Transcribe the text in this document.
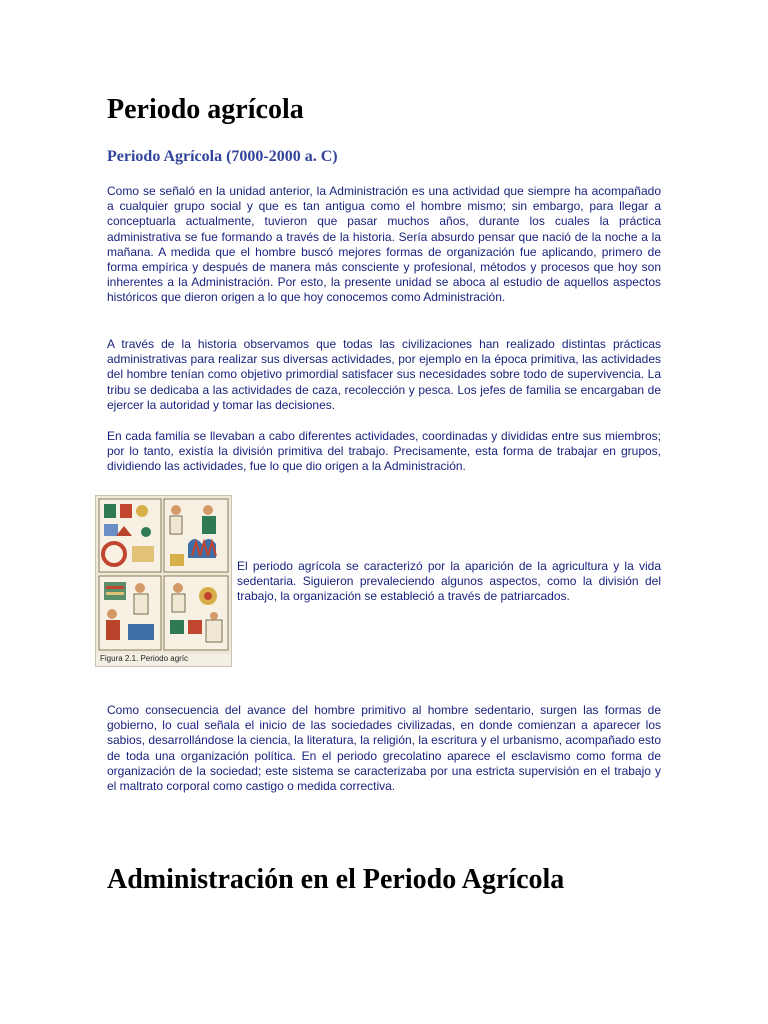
Periodo agrícola
Periodo Agrícola (7000-2000 a. C)

Como se señaló en la unidad anterior, la Administración es una actividad que siempre ha acompañado a cualquier grupo social y que es tan antigua como el hombre mismo; sin embargo, para llegar a conceptuarla actualmente, tuvieron que pasar muchos años, durante los cuales la práctica administrativa se fue formando a través de la historia. Sería absurdo pensar que nació de la noche a la mañana. A medida que el hombre buscó mejores formas de organización fue aplicando, primero de forma empírica y después de manera más consciente y profesional, métodos y procesos que hoy son inherentes a la Administración. Por esto, la presente unidad se aboca al estudio de aquellos aspectos históricos que dieron origen a lo que hoy conocemos como Administración.

A través de la historia observamos que todas las civilizaciones han realizado distintas prácticas administrativas para realizar sus diversas actividades, por ejemplo en la época primitiva, las actividades del hombre tenían como objetivo primordial satisfacer sus necesidades sobre todo de supervivencia. La tribu se dedicaba a las actividades de caza, recolección y pesca. Los jefes de familia se encargaban de ejercer la autoridad y tomar las decisiones.

En cada familia se llevaban a cabo diferentes actividades, coordinadas y divididas entre sus miembros; por lo tanto, existía la división primitiva del trabajo. Precisamente, esta forma de trabajar en grupos, dividiendo las actividades, fue lo que dio origen a la Administración.

Figura 2.1. Periodo agríc

El periodo agrícola se caracterizó por la aparición de la agricultura y la vida sedentaria. Siguieron prevaleciendo algunos aspectos, como la división del trabajo, la organización se estableció a través de patriarcados.

Como consecuencia del avance del hombre primitivo al hombre sedentario, surgen las formas de gobierno, lo cual señala el inicio de las sociedades civilizadas, en donde comienzan a aparecer los sabios, desarrollándose la ciencia, la literatura, la religión, la escritura y el urbanismo, acompañado esto de toda una organización política. En el periodo grecolatino aparece el esclavismo como forma de organización de la sociedad; este sistema se caracterizaba por una estricta supervisión en el trabajo y el maltrato corporal como castigo o medida correctiva.

Administración en el Periodo Agrícola
